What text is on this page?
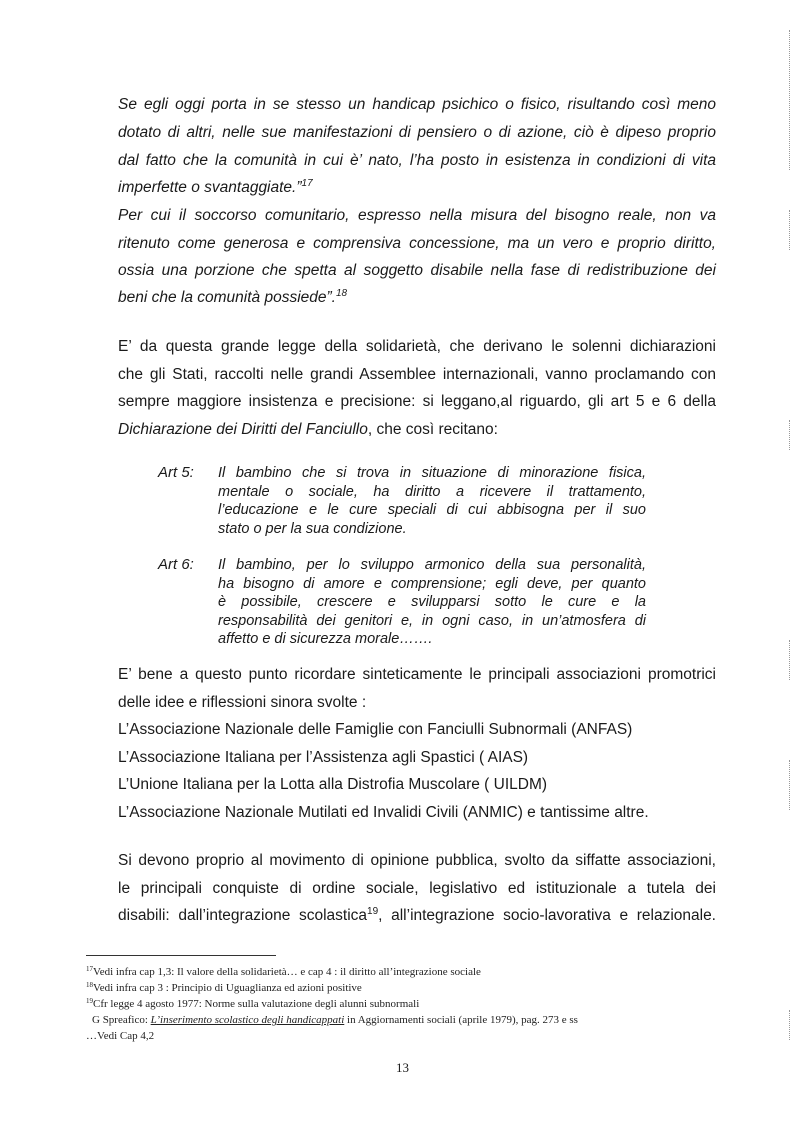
Se egli oggi porta in se stesso un handicap psichico o fisico, risultando così meno
dotato di altri, nelle sue manifestazioni di pensiero o di azione, ciò è dipeso proprio
dal fatto che la comunità in cui è’ nato, l’ha posto in esistenza in condizioni di vita
imperfette o svantaggiate.”$^{17}$
Per cui il soccorso comunitario, espresso nella misura del bisogno reale, non va
ritenuto come generosa e comprensiva concessione, ma un vero e proprio diritto,
ossia una porzione che spetta al soggetto disabile nella fase di redistribuzione dei
beni che la comunità possiede”.$^{18}$
E’ da questa grande legge della solidarietà, che derivano le solenni dichiarazioni
che gli Stati, raccolti nelle grandi Assemblee internazionali, vanno proclamando con
sempre maggiore insistenza e precisione: si leggano,al riguardo, gli art 5 e 6 della
Dichiarazione dei Diritti del Fanciullo, che così recitano:
Art 5: Il bambino che si trova in situazione di minorazione fisica,
mentale o sociale, ha diritto a ricevere il trattamento,
l’educazione e le cure speciali di cui abbisogna per il suo
stato o per la sua condizione.
Art 6: Il bambino, per lo sviluppo armonico della sua personalità,
ha bisogno di amore e comprensione; egli deve, per quanto
è possibile, crescere e svilupparsi sotto le cure e la
responsabilità dei genitori e, in ogni caso, in un’atmosfera di
affetto e di sicurezza morale…….
E’ bene a questo punto ricordare sinteticamente le principali associazioni promotrici
delle idee e riflessioni sinora svolte :
L’Associazione Nazionale delle Famiglie con Fanciulli Subnormali (ANFAS)
L’Associazione Italiana per l’Assistenza agli Spastici ( AIAS)
L’Unione Italiana per la Lotta alla Distrofia Muscolare ( UILDM)
L’Associazione Nazionale Mutilati ed Invalidi Civili (ANMIC) e tantissime altre.
Si devono proprio al movimento di opinione pubblica, svolto da siffatte associazioni,
le principali conquiste di ordine sociale, legislativo ed istituzionale a tutela dei
disabili: dall’integrazione scolastica$^{19}$, all’integrazione socio-lavorativa e relazionale.
$^{17}$Vedi infra cap 1,3: Il valore della solidarietà… e cap 4 : il diritto all’integrazione sociale
$^{18}$Vedi infra cap 3 : Principio di Uguaglianza ed azioni positive
$^{19}$Cfr legge 4 agosto 1977: Norme sulla valutazione degli alunni subnormali
G Spreafico: L’inserimento scolastico degli handicappati in Aggiornamenti sociali (aprile 1979), pag. 273 e ss
…Vedi Cap 4,2
13
